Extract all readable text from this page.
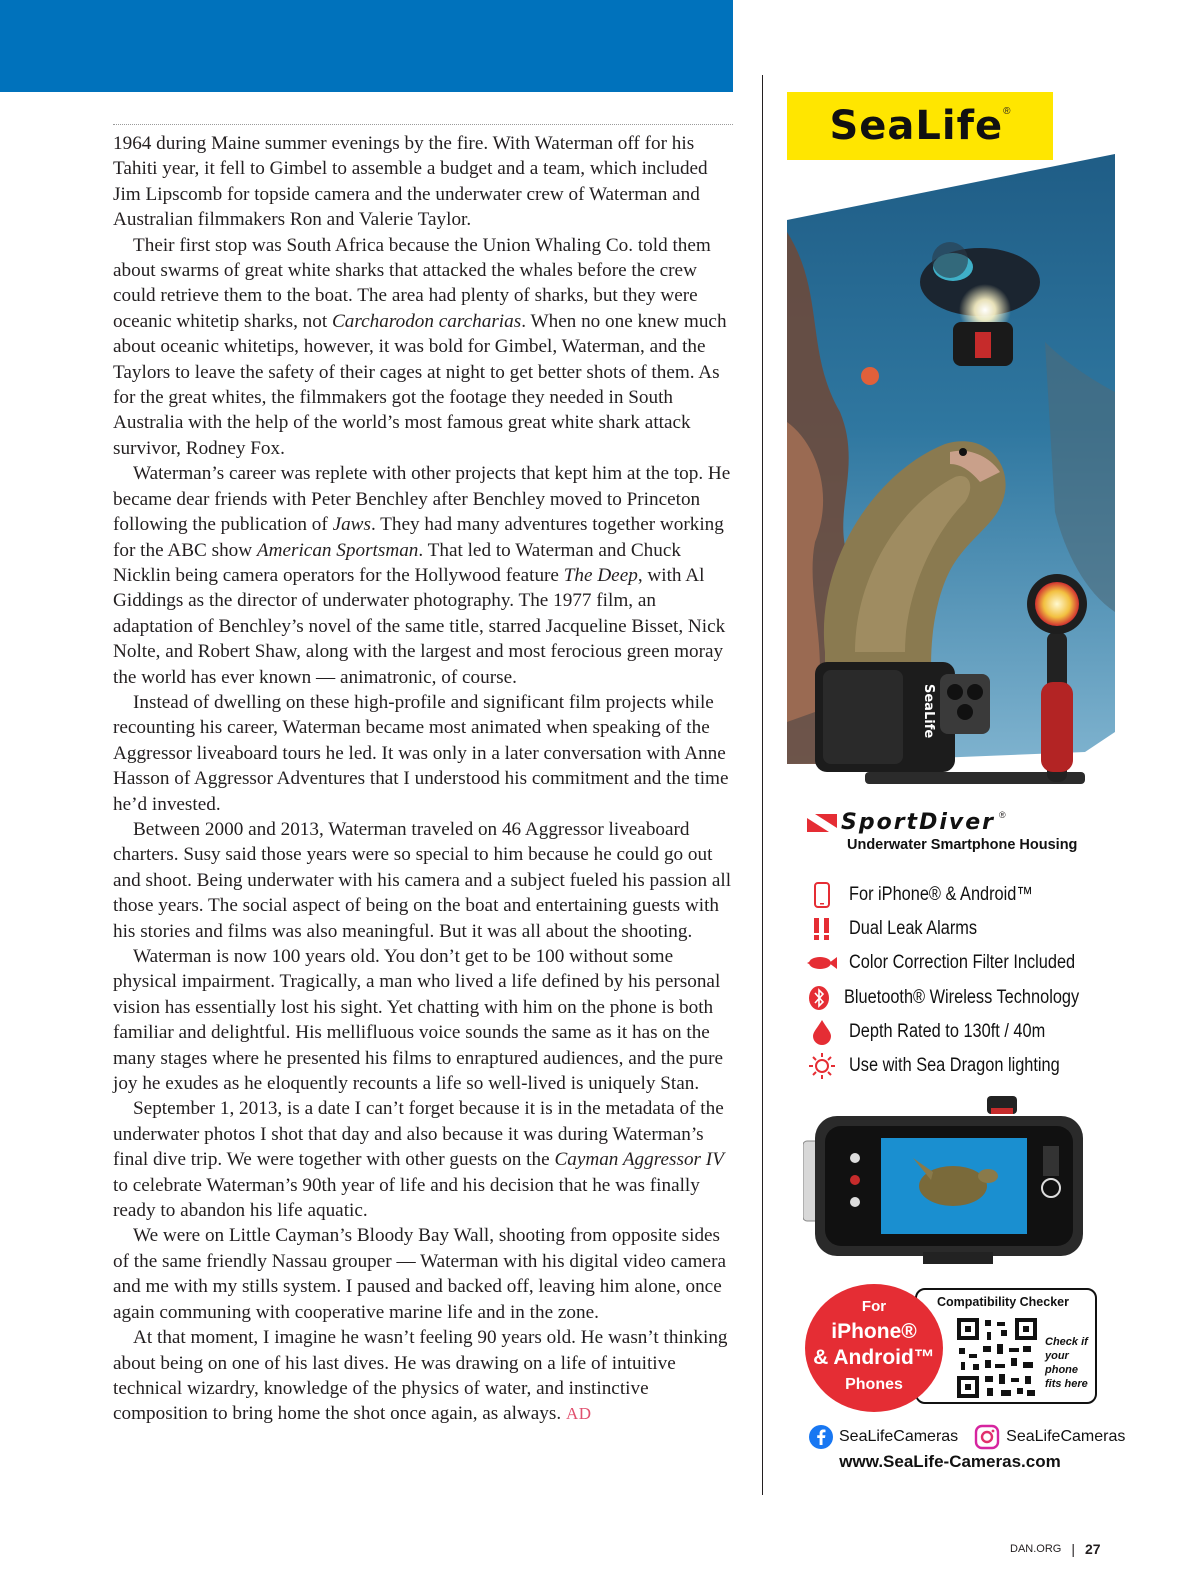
1964 during Maine summer evenings by the fire. With Waterman off for his Tahiti year, it fell to Gimbel to assemble a budget and a team, which included Jim Lipscomb for topside camera and the underwater crew of Waterman and Australian filmmakers Ron and Valerie Taylor.

Their first stop was South Africa because the Union Whaling Co. told them about swarms of great white sharks that attacked the whales before the crew could retrieve them to the boat. The area had plenty of sharks, but they were oceanic whitetip sharks, not Carcharodon carcharias. When no one knew much about oceanic whitetips, however, it was bold for Gimbel, Waterman, and the Taylors to leave the safety of their cages at night to get better shots of them. As for the great whites, the filmmakers got the footage they needed in South Australia with the help of the world’s most famous great white shark attack survivor, Rodney Fox.

Waterman’s career was replete with other projects that kept him at the top. He became dear friends with Peter Benchley after Benchley moved to Princeton following the publication of Jaws. They had many adventures together working for the ABC show American Sportsman. That led to Waterman and Chuck Nicklin being camera operators for the Hollywood feature The Deep, with Al Giddings as the director of underwater photography. The 1977 film, an adaptation of Benchley’s novel of the same title, starred Jacqueline Bisset, Nick Nolte, and Robert Shaw, along with the largest and most ferocious green moray the world has ever known — animatronic, of course.

Instead of dwelling on these high-profile and significant film projects while recounting his career, Waterman became most animated when speaking of the Aggressor liveaboard tours he led. It was only in a later conversation with Anne Hasson of Aggressor Adventures that I understood his commitment and the time he’d invested.

Between 2000 and 2013, Waterman traveled on 46 Aggressor liveaboard charters. Susy said those years were so special to him because he could go out and shoot. Being underwater with his camera and a subject fueled his passion all those years. The social aspect of being on the boat and entertaining guests with his stories and films was also meaningful. But it was all about the shooting.

Waterman is now 100 years old. You don’t get to be 100 without some physical impairment. Tragically, a man who lived a life defined by his personal vision has essentially lost his sight. Yet chatting with him on the phone is both familiar and delightful. His mellifluous voice sounds the same as it has on the many stages where he presented his films to enraptured audiences, and the pure joy he exudes as he eloquently recounts a life so well-lived is uniquely Stan.

September 1, 2013, is a date I can’t forget because it is in the metadata of the underwater photos I shot that day and also because it was during Waterman’s final dive trip. We were together with other guests on the Cayman Aggressor IV to celebrate Waterman’s 90th year of life and his decision that he was finally ready to abandon his life aquatic.

We were on Little Cayman’s Bloody Bay Wall, shooting from opposite sides of the same friendly Nassau grouper — Waterman with his digital video camera and me with my stills system. I paused and backed off, leaving him alone, once again communing with cooperative marine life and in the zone.

At that moment, I imagine he wasn’t feeling 90 years old. He wasn’t thinking about being on one of his last dives. He was drawing on a life of intuitive technical wizardry, knowledge of the physics of water, and instinctive composition to bring home the shot once again, as always. AD

DAN.ORG | 27
SeaLife
SeaLife ®
SportDiver ®
Underwater Smartphone Housing
For iPhone® & Android™
Dual Leak Alarms
Color Correction Filter Included
Bluetooth® Wireless Technology
Depth Rated to 130ft / 40m
Use with Sea Dragon lighting
Compatibility Checker
Check if your phone fits here
For
iPhone®
& Android™
Phones
SeaLifeCameras	SeaLifeCameras
www.SeaLife-Cameras.com
